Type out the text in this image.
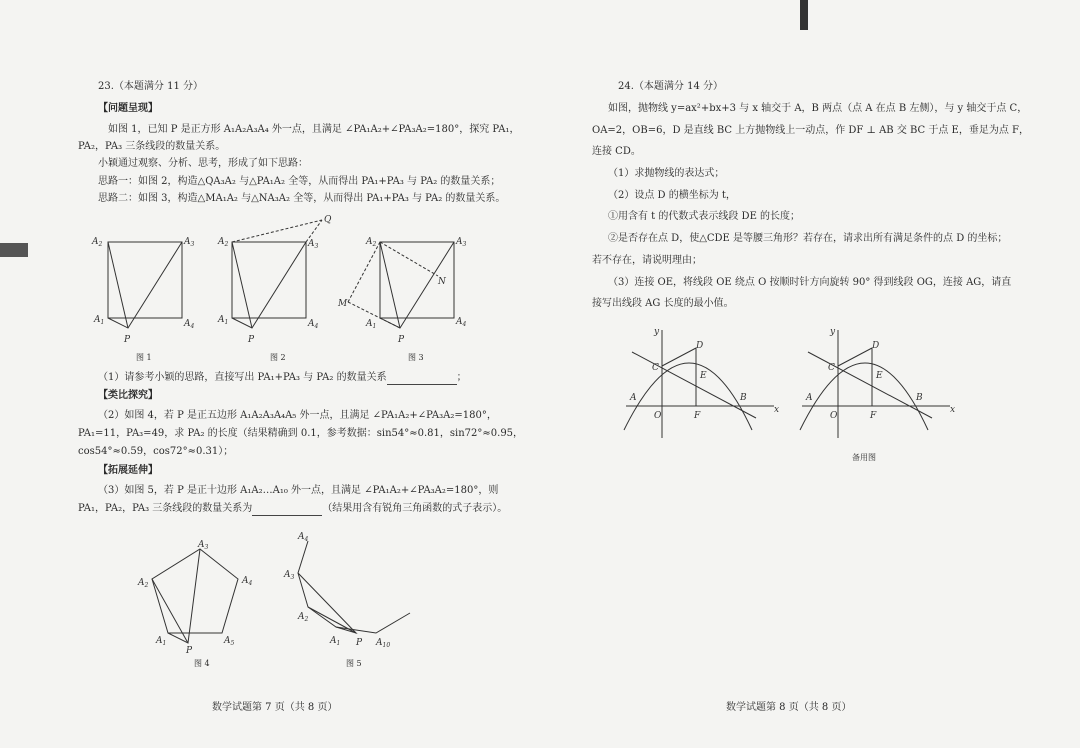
23.（本题满分 11 分）
【问题呈现】
如图 1，已知 P 是正方形 A₁A₂A₃A₄ 外一点，且满足 ∠PA₁A₂+∠PA₃A₂=180°，探究 PA₁，
PA₂，PA₃ 三条线段的数量关系。
小颖通过观察、分析、思考，形成了如下思路：
思路一：如图 2，构造△QA₃A₂ 与△PA₁A₂ 全等，从而得出 PA₁+PA₃ 与 PA₂ 的数量关系；
思路二：如图 3，构造△MA₁A₂ 与△NA₃A₂ 全等，从而得出 PA₁+PA₃ 与 PA₂ 的数量关系。
$A_2$	$A_3$
$A_1$	$A_4$
P
图 1
Q
$A_2$	$A_3$
$A_1$	$A_4$
P
图 2
$A_2$	$A_3$
$A_1$	$A_4$
N
M
P
图 3
（1）请参考小颖的思路，直接写出 PA₁+PA₃ 与 PA₂ 的数量关系	；
【类比探究】
（2）如图 4，若 P 是正五边形 A₁A₂A₃A₄A₅ 外一点，且满足 ∠PA₁A₂+∠PA₃A₂=180°，
PA₁=11，PA₃=49，求 PA₂ 的长度（结果精确到 0.1，参考数据：sin54°≈0.81，sin72°≈0.95，
cos54°≈0.59，cos72°≈0.31）；
【拓展延伸】
（3）如图 5，若 P 是正十边形 A₁A₂…A₁₀ 外一点，且满足 ∠PA₁A₂+∠PA₃A₂=180°，则
PA₁，PA₂，PA₃ 三条线段的数量关系为	（结果用含有锐角三角函数的式子表示）。
$A_3$
$A_4$
$A_5$
$A_2$
$A_1$
P
图 4
$A_4$
$A_3$
$A_2$
$A_1$ P $A_{10}$
图 5
数学试题第 7 页（共 8 页）
24.（本题满分 14 分）
如图，抛物线 y=ax²+bx+3 与 x 轴交于 A，B 两点（点 A 在点 B 左侧），与 y 轴交于点 C，
OA=2，OB=6，D 是直线 BC 上方抛物线上一动点，作 DF ⊥ AB 交 BC 于点 E，垂足为点 F，
连接 CD。
（1）求抛物线的表达式；
（2）设点 D 的横坐标为 t，
①用含有 t 的代数式表示线段 DE 的长度；
②是否存在点 D，使△CDE 是等腰三角形？若存在，请求出所有满足条件的点 D 的坐标；
若不存在，请说明理由；
（3）连接 OE，将线段 OE 绕点 O 按顺时针方向旋转 90° 得到线段 OG，连接 AG，请直
接写出线段 AG 长度的最小值。
x
y
C
D
E
F
O
A	B
x
y
C
D
E
F
O
A	B
备用图
数学试题第 8 页（共 8 页）
